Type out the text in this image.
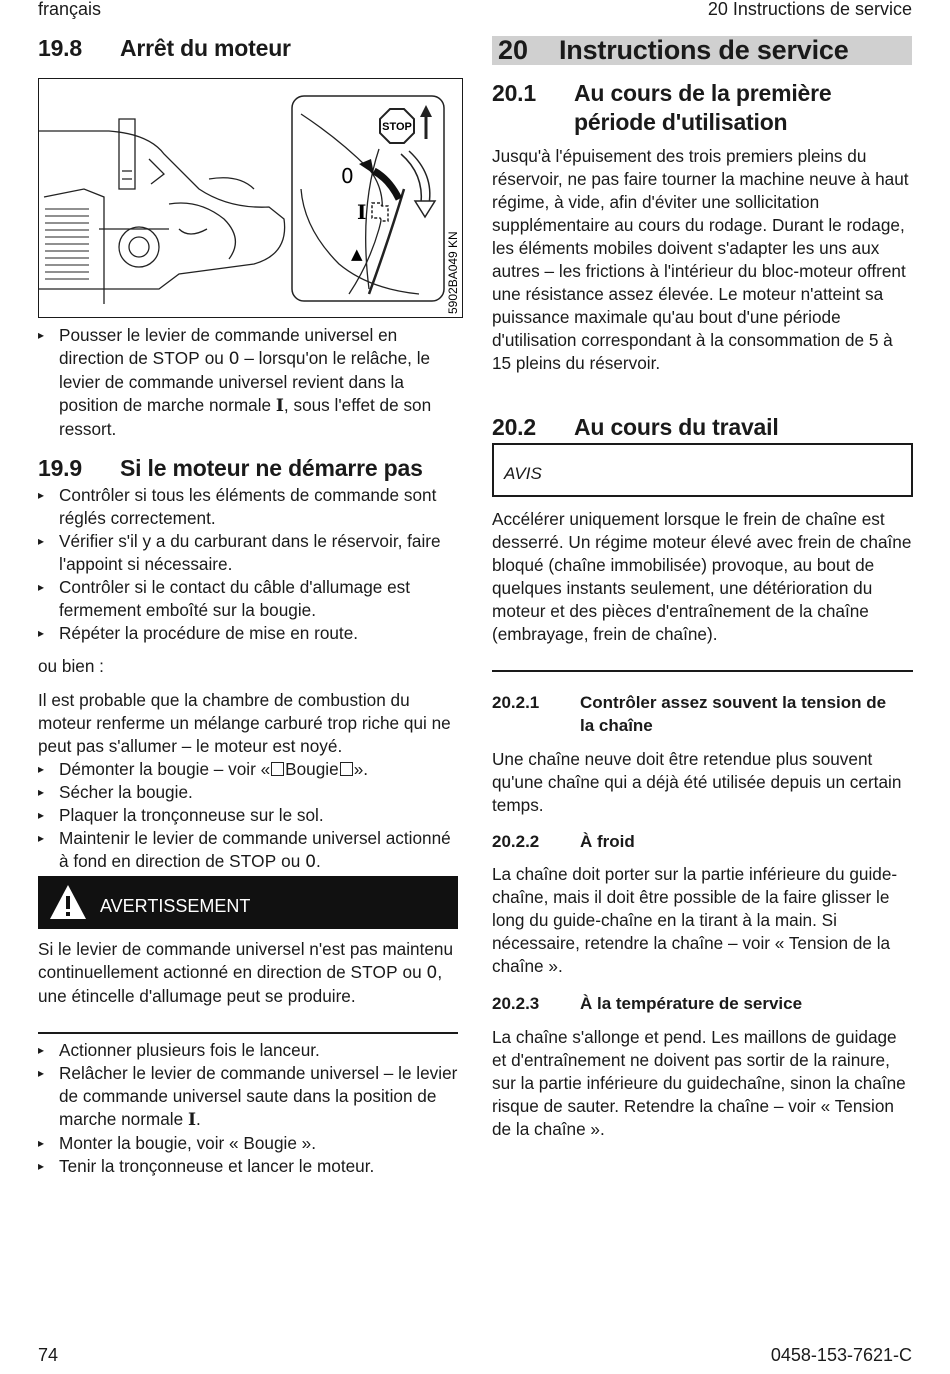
français	20 Instructions de service
19.8 Arrêt du moteur
STOP
0
I
▲	5902BA049 KN
▸ Pousser le levier de commande universel en direction de STOP ou 0 – lorsqu'on le relâche, le levier de commande universel revient dans la position de marche normale I, sous l'effet de son ressort.
19.9 Si le moteur ne démarre pas
▸ Contrôler si tous les éléments de commande sont réglés correctement.
▸ Vérifier s'il y a du carburant dans le réservoir, faire l'appoint si nécessaire.
▸ Contrôler si le contact du câble d'allumage est fermement emboîté sur la bougie.
▸ Répéter la procédure de mise en route.
ou bien :
Il est probable que la chambre de combustion du moteur renferme un mélange carburé trop riche qui ne peut pas s'allumer – le moteur est noyé.
▸ Démonter la bougie – voir « Bougie ».
▸ Sécher la bougie.
▸ Plaquer la tronçonneuse sur le sol.
▸ Maintenir le levier de commande universel actionné à fond en direction de STOP ou 0.
AVERTISSEMENT
Si le levier de commande universel n'est pas maintenu continuellement actionné en direction de STOP ou 0, une étincelle d'allumage peut se produire.
▸ Actionner plusieurs fois le lanceur.
▸ Relâcher le levier de commande universel – le levier de commande universel saute dans la position de marche normale I.
▸ Monter la bougie, voir « Bougie ».
▸ Tenir la tronçonneuse et lancer le moteur.
20 Instructions de service
20.1 Au cours de la première
période d'utilisation
Jusqu'à l'épuisement des trois premiers pleins du réservoir, ne pas faire tourner la machine neuve à haut régime, à vide, afin d'éviter une sollicitation supplémentaire au cours du rodage. Durant le rodage, les éléments mobiles doivent s'adapter les uns aux autres – les frictions à l'intérieur du bloc-moteur offrent une résistance assez élevée. Le moteur n'atteint sa puissance maximale qu'au bout d'une période d'utilisation correspondant à la consommation de 5 à 15 pleins du réservoir.
20.2 Au cours du travail
AVIS
Accélérer uniquement lorsque le frein de chaîne est desserré. Un régime moteur élevé avec frein de chaîne bloqué (chaîne immobilisée) provoque, au bout de quelques instants seulement, une détérioration du moteur et des pièces d'entraînement de la chaîne (embrayage, frein de chaîne).
20.2.1	Contrôler assez souvent la tension de
la chaîne
Une chaîne neuve doit être retendue plus souvent qu'une chaîne qui a déjà été utilisée depuis un certain temps.
20.2.2 À froid
La chaîne doit porter sur la partie inférieure du guide-chaîne, mais il doit être possible de la faire glisser le long du guide-chaîne en la tirant à la main. Si nécessaire, retendre la chaîne – voir « Tension de la chaîne ».
20.2.3 À la température de service
La chaîne s'allonge et pend. Les maillons de guidage et d'entraînement ne doivent pas sortir de la rainure, sur la partie inférieure du guidechaîne, sinon la chaîne risque de sauter. Retendre la chaîne – voir « Tension de la chaîne ».
74	0458-153-7621-C
